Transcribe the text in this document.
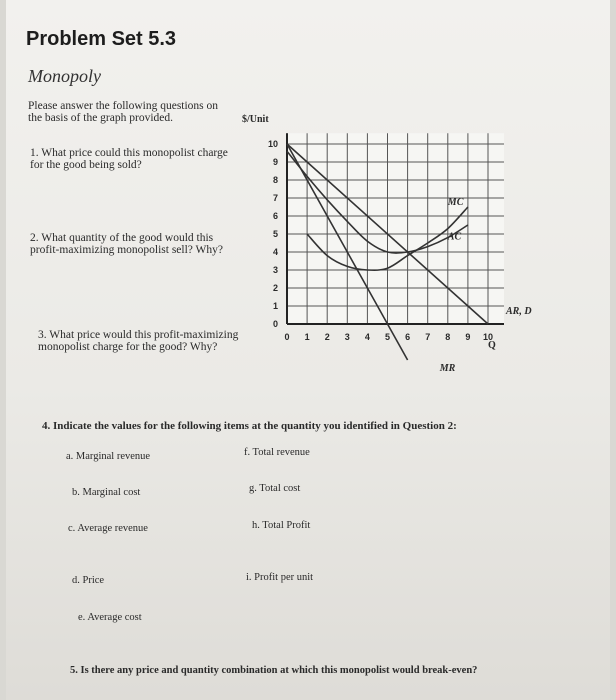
Problem Set 5.3
Monopoly
Please answer the following questions on the basis of the graph provided.
1. What price could this monopolist charge for the good being sold?
2. What quantity of the good would this profit-maximizing monopolist sell? Why?
3. What price would this profit-maximizing monopolist charge for the good? Why?
4. Indicate the values for the following items at the quantity you identified in Question 2:
a. Marginal revenue
b. Marginal cost
c. Average revenue
d. Price
e. Average cost
f. Total revenue
g. Total cost
h. Total Profit
i. Profit per unit
5. Is there any price and quantity combination at which this monopolist would break-even?
$/Unit
Q
0
1
2
3
4
5
6
7
8
9
10
0 1 2 3 4 5 6 7 8 9 10
AR, D
MR
MC
AC
